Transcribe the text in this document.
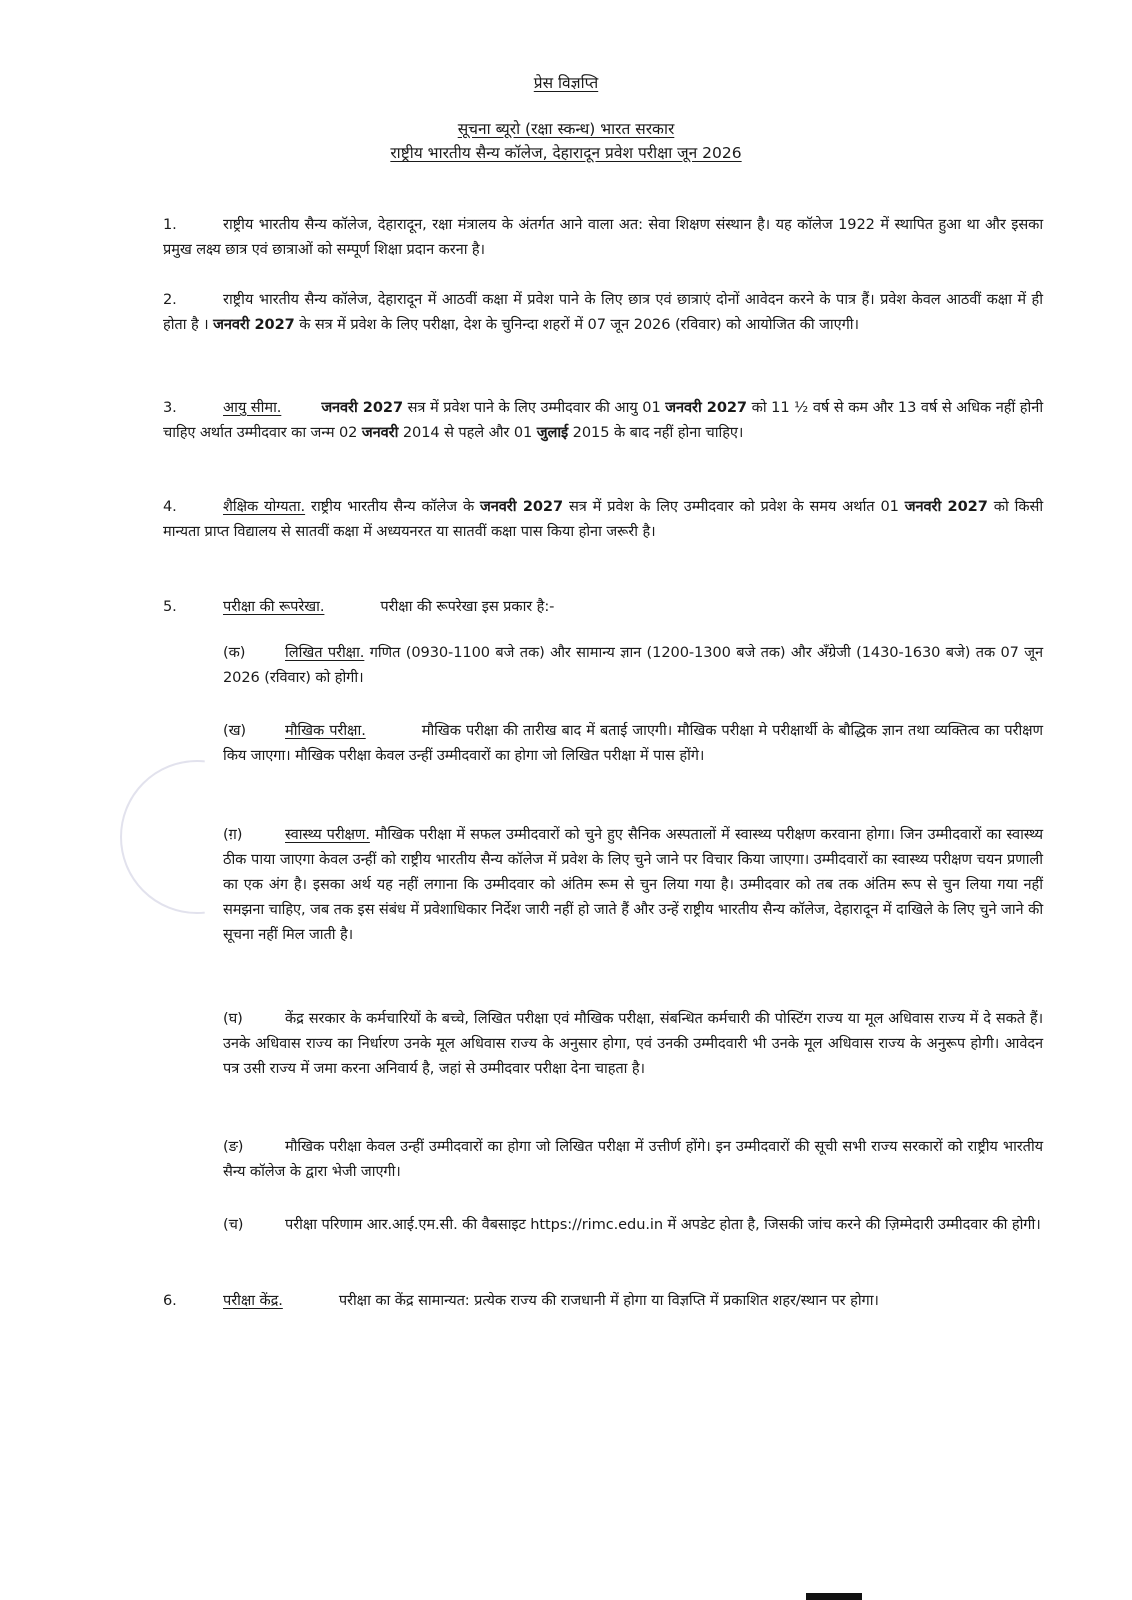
प्रेस विज्ञप्ति
सूचना ब्यूरो (रक्षा स्कन्ध) भारत सरकार
राष्ट्रीय भारतीय सैन्य कॉलेज, देहारादून प्रवेश परीक्षा जून 2026
1.	राष्ट्रीय भारतीय सैन्य कॉलेज, देहारादून, रक्षा मंत्रालय के अंतर्गत आने वाला अत: सेवा शिक्षण संस्थान है। यह कॉलेज 1922 में स्थापित हुआ था और इसका प्रमुख लक्ष्य छात्र एवं छात्राओं को सम्पूर्ण शिक्षा प्रदान करना है।
2.	राष्ट्रीय भारतीय सैन्य कॉलेज, देहारादून में आठवीं कक्षा में प्रवेश पाने के लिए छात्र एवं छात्राएं दोनों आवेदन करने के पात्र हैं। प्रवेश केवल आठवीं कक्षा में ही होता है । जनवरी 2027 के सत्र में प्रवेश के लिए परीक्षा, देश के चुनिन्दा शहरों में 07 जून 2026 (रविवार) को आयोजित की जाएगी।
3.	आयु सीमा.	जनवरी 2027 सत्र में प्रवेश पाने के लिए उम्मीदवार की आयु 01 जनवरी 2027 को 11 ½ वर्ष से कम और 13 वर्ष से अधिक नहीं होनी चाहिए अर्थात उम्मीदवार का जन्म 02 जनवरी 2014 से पहले और 01 जुलाई 2015 के बाद नहीं होना चाहिए।
4.	शैक्षिक योग्यता. राष्ट्रीय भारतीय सैन्य कॉलेज के जनवरी 2027 सत्र में प्रवेश के लिए उम्मीदवार को प्रवेश के समय अर्थात 01 जनवरी 2027 को किसी मान्यता प्राप्त विद्यालय से सातवीं कक्षा में अध्ययनरत या सातवीं कक्षा पास किया होना जरूरी है।
5.	परीक्षा की रूपरेखा.	परीक्षा की रूपरेखा इस प्रकार है:-
(क)	लिखित परीक्षा. गणित (0930-1100 बजे तक) और सामान्य ज्ञान (1200-1300 बजे तक) और अँग्रेजी (1430-1630 बजे) तक 07 जून 2026 (रविवार) को होगी।
(ख)	मौखिक परीक्षा.	मौखिक परीक्षा की तारीख बाद में बताई जाएगी। मौखिक परीक्षा मे परीक्षार्थी के बौद्धिक ज्ञान तथा व्यक्तित्व का परीक्षण किय जाएगा। मौखिक परीक्षा केवल उन्हीं उम्मीदवारों का होगा जो लिखित परीक्षा में पास होंगे।
(ग़)	स्वास्थ्य परीक्षण. मौखिक परीक्षा में सफल उम्मीदवारों को चुने हुए सैनिक अस्पतालों में स्वास्थ्य परीक्षण करवाना होगा। जिन उम्मीदवारों का स्वास्थ्य ठीक पाया जाएगा केवल उन्हीं को राष्ट्रीय भारतीय सैन्य कॉलेज में प्रवेश के लिए चुने जाने पर विचार किया जाएगा। उम्मीदवारों का स्वास्थ्य परीक्षण चयन प्रणाली का एक अंग है। इसका अर्थ यह नहीं लगाना कि उम्मीदवार को अंतिम रूम से चुन लिया गया है। उम्मीदवार को तब तक अंतिम रूप से चुन लिया गया नहीं समझना चाहिए, जब तक इस संबंध में प्रवेशाधिकार निर्देश जारी नहीं हो जाते हैं और उन्हें राष्ट्रीय भारतीय सैन्य कॉलेज, देहारादून में दाखिले के लिए चुने जाने की सूचना नहीं मिल जाती है।
(घ)	केंद्र सरकार के कर्मचारियों के बच्चे, लिखित परीक्षा एवं मौखिक परीक्षा, संबन्धित कर्मचारी की पोस्टिंग राज्य या मूल अधिवास राज्य में दे सकते हैं। उनके अधिवास राज्य का निर्धारण उनके मूल अधिवास राज्य के अनुसार होगा, एवं उनकी उम्मीदवारी भी उनके मूल अधिवास राज्य के अनुरूप होगी। आवेदन पत्र उसी राज्य में जमा करना अनिवार्य है, जहां से उम्मीदवार परीक्षा देना चाहता है।
(ङ)	मौखिक परीक्षा केवल उन्हीं उम्मीदवारों का होगा जो लिखित परीक्षा में उत्तीर्ण होंगे। इन उम्मीदवारों की सूची सभी राज्य सरकारों को राष्ट्रीय भारतीय सैन्य कॉलेज के द्वारा भेजी जाएगी।
(च)	परीक्षा परिणाम आर.आई.एम.सी. की वैबसाइट https://rimc.edu.in में अपडेट होता है, जिसकी जांच करने की ज़िम्मेदारी उम्मीदवार की होगी।
6.	परीक्षा केंद्र.	परीक्षा का केंद्र सामान्यत: प्रत्येक राज्य की राजधानी में होगा या विज्ञप्ति में प्रकाशित शहर/स्थान पर होगा।
